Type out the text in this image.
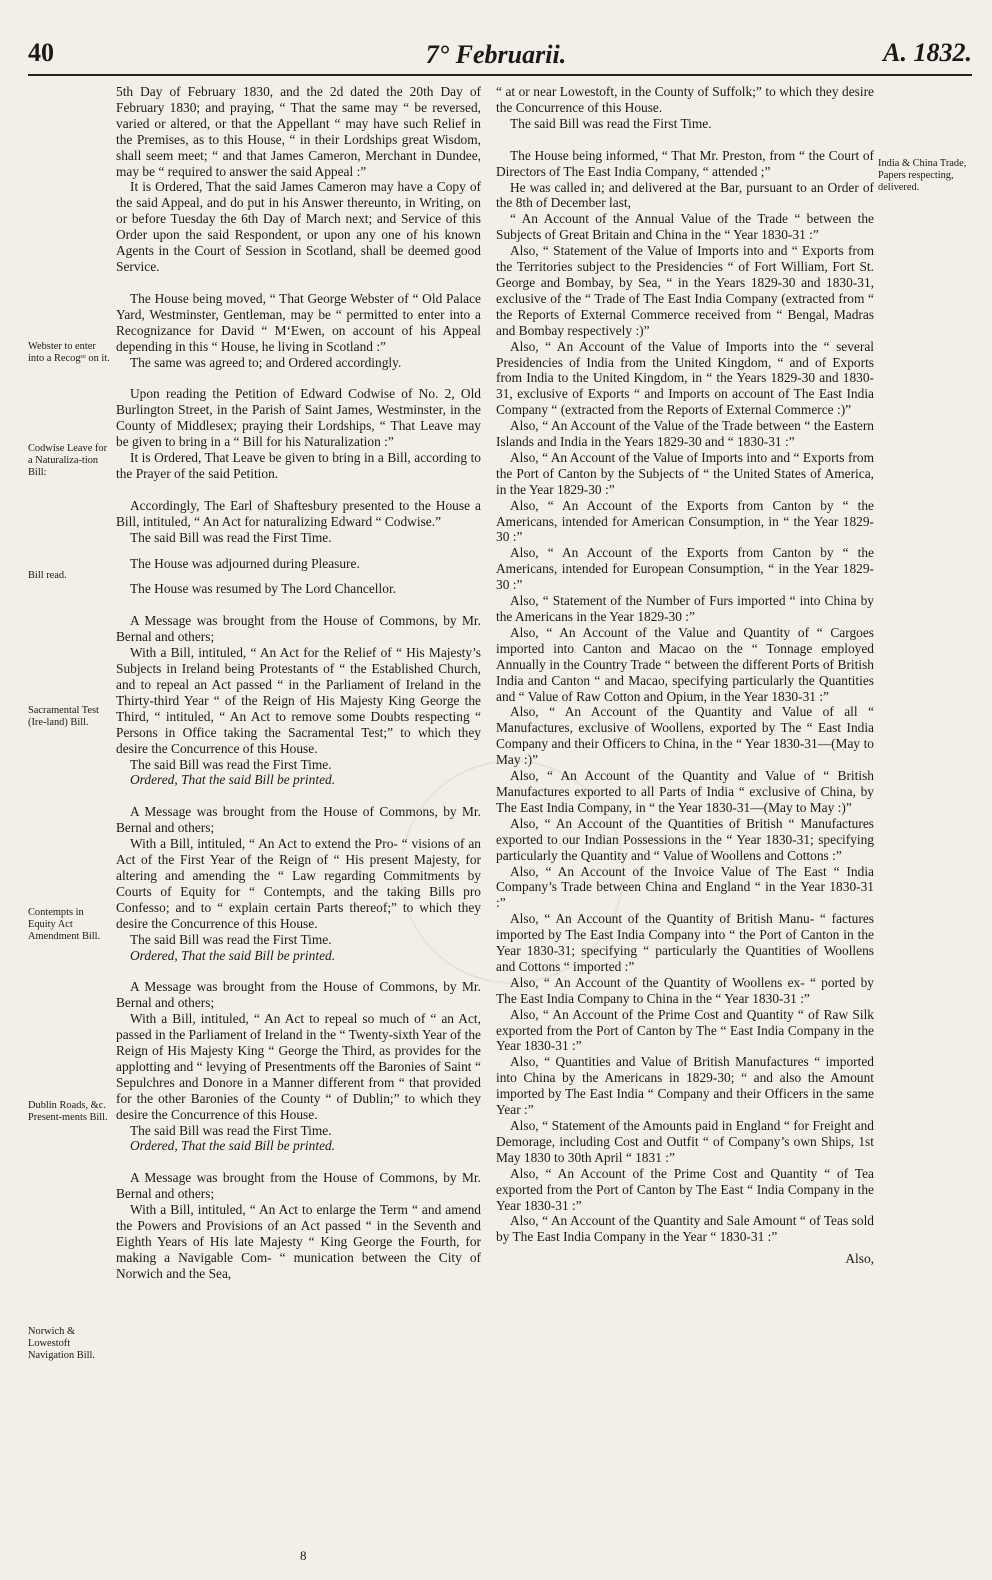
40	7° Februarii.	A. 1832.
Webster to enter into a Recogᶜᵉ on it.
Codwise Leave for a Naturaliza-tion Bill:
Bill read.
Sacramental Test (Ire-land) Bill.
Contempts in Equity Act Amendment Bill.
Dublin Roads, &c. Present-ments Bill.
Norwich & Lowestoft Navigation Bill.
India & China Trade, Papers respecting, delivered.

5th Day of February 1830, and the 2d dated the 20th Day of February 1830; and praying, “ That the same may “ be reversed, varied or altered, or that the Appellant “ may have such Relief in the Premises, as to this House, “ in their Lordships great Wisdom, shall seem meet; “ and that James Cameron, Merchant in Dundee, may be “ required to answer the said Appeal :”

It is Ordered, That the said James Cameron may have a Copy of the said Appeal, and do put in his Answer thereunto, in Writing, on or before Tuesday the 6th Day of March next; and Service of this Order upon the said Respondent, or upon any one of his known Agents in the Court of Session in Scotland, shall be deemed good Service.

The House being moved, “ That George Webster of “ Old Palace Yard, Westminster, Gentleman, may be “ permitted to enter into a Recognizance for David “ M‘Ewen, on account of his Appeal depending in this “ House, he living in Scotland :”

The same was agreed to; and Ordered accordingly.

Upon reading the Petition of Edward Codwise of No. 2, Old Burlington Street, in the Parish of Saint James, Westminster, in the County of Middlesex; praying their Lordships, “ That Leave may be given to bring in a “ Bill for his Naturalization :”

It is Ordered, That Leave be given to bring in a Bill, according to the Prayer of the said Petition.

Accordingly, The Earl of Shaftesbury presented to the House a Bill, intituled, “ An Act for naturalizing Edward “ Codwise.”

The said Bill was read the First Time.

The House was adjourned during Pleasure.

The House was resumed by The Lord Chancellor.

A Message was brought from the House of Commons, by Mr. Bernal and others;

With a Bill, intituled, “ An Act for the Relief of “ His Majesty’s Subjects in Ireland being Protestants of “ the Established Church, and to repeal an Act passed “ in the Parliament of Ireland in the Thirty-third Year “ of the Reign of His Majesty King George the Third, “ intituled, “ An Act to remove some Doubts respecting “ Persons in Office taking the Sacramental Test;” to which they desire the Concurrence of this House.

The said Bill was read the First Time.

Ordered, That the said Bill be printed.

A Message was brought from the House of Commons, by Mr. Bernal and others;

With a Bill, intituled, “ An Act to extend the Pro- “ visions of an Act of the First Year of the Reign of “ His present Majesty, for altering and amending the “ Law regarding Commitments by Courts of Equity for “ Contempts, and the taking Bills pro Confesso; and to “ explain certain Parts thereof;” to which they desire the Concurrence of this House.

The said Bill was read the First Time.

Ordered, That the said Bill be printed.

A Message was brought from the House of Commons, by Mr. Bernal and others;

With a Bill, intituled, “ An Act to repeal so much of “ an Act, passed in the Parliament of Ireland in the “ Twenty-sixth Year of the Reign of His Majesty King “ George the Third, as provides for the applotting and “ levying of Presentments off the Baronies of Saint “ Sepulchres and Donore in a Manner different from “ that provided for the other Baronies of the County “ of Dublin;” to which they desire the Concurrence of this House.

The said Bill was read the First Time.

Ordered, That the said Bill be printed.

A Message was brought from the House of Commons, by Mr. Bernal and others;

With a Bill, intituled, “ An Act to enlarge the Term “ and amend the Powers and Provisions of an Act passed “ in the Seventh and Eighth Years of His late Majesty “ King George the Fourth, for making a Navigable Com- “ munication between the City of Norwich and the Sea,

“ at or near Lowestoft, in the County of Suffolk;” to which they desire the Concurrence of this House.

The said Bill was read the First Time.

The House being informed, “ That Mr. Preston, from “ the Court of Directors of The East India Company, “ attended ;”

He was called in; and delivered at the Bar, pursuant to an Order of the 8th of December last,

“ An Account of the Annual Value of the Trade “ between the Subjects of Great Britain and China in the “ Year 1830-31 :”

Also, “ Statement of the Value of Imports into and “ Exports from the Territories subject to the Presidencies “ of Fort William, Fort St. George and Bombay, by Sea, “ in the Years 1829-30 and 1830-31, exclusive of the “ Trade of The East India Company (extracted from “ the Reports of External Commerce received from “ Bengal, Madras and Bombay respectively :)”

Also, “ An Account of the Value of Imports into the “ several Presidencies of India from the United Kingdom, “ and of Exports from India to the United Kingdom, in “ the Years 1829-30 and 1830-31, exclusive of Exports “ and Imports on account of The East India Company “ (extracted from the Reports of External Commerce :)”

Also, “ An Account of the Value of the Trade between “ the Eastern Islands and India in the Years 1829-30 and “ 1830-31 :”

Also, “ An Account of the Value of Imports into and “ Exports from the Port of Canton by the Subjects of “ the United States of America, in the Year 1829-30 :”

Also, “ An Account of the Exports from Canton by “ the Americans, intended for American Consumption, in “ the Year 1829-30 :”

Also, “ An Account of the Exports from Canton by “ the Americans, intended for European Consumption, “ in the Year 1829-30 :”

Also, “ Statement of the Number of Furs imported “ into China by the Americans in the Year 1829-30 :”

Also, “ An Account of the Value and Quantity of “ Cargoes imported into Canton and Macao on the “ Tonnage employed Annually in the Country Trade “ between the different Ports of British India and Canton “ and Macao, specifying particularly the Quantities and “ Value of Raw Cotton and Opium, in the Year 1830-31 :”

Also, “ An Account of the Quantity and Value of all “ Manufactures, exclusive of Woollens, exported by The “ East India Company and their Officers to China, in the “ Year 1830-31—(May to May :)”

Also, “ An Account of the Quantity and Value of “ British Manufactures exported to all Parts of India “ exclusive of China, by The East India Company, in “ the Year 1830-31—(May to May :)”

Also, “ An Account of the Quantities of British “ Manufactures exported to our Indian Possessions in the “ Year 1830-31; specifying particularly the Quantity and “ Value of Woollens and Cottons :”

Also, “ An Account of the Invoice Value of The East “ India Company’s Trade between China and England “ in the Year 1830-31 :”

Also, “ An Account of the Quantity of British Manu- “ factures imported by The East India Company into “ the Port of Canton in the Year 1830-31; specifying “ particularly the Quantities of Woollens and Cottons “ imported :”

Also, “ An Account of the Quantity of Woollens ex- “ ported by The East India Company to China in the “ Year 1830-31 :”

Also, “ An Account of the Prime Cost and Quantity “ of Raw Silk exported from the Port of Canton by The “ East India Company in the Year 1830-31 :”

Also, “ Quantities and Value of British Manufactures “ imported into China by the Americans in 1829-30; “ and also the Amount imported by The East India “ Company and their Officers in the same Year :”

Also, “ Statement of the Amounts paid in England “ for Freight and Demorage, including Cost and Outfit “ of Company’s own Ships, 1st May 1830 to 30th April “ 1831 :”

Also, “ An Account of the Prime Cost and Quantity “ of Tea exported from the Port of Canton by The East “ India Company in the Year 1830-31 :”

Also, “ An Account of the Quantity and Sale Amount “ of Teas sold by The East India Company in the Year “ 1830-31 :”

Also,

8
